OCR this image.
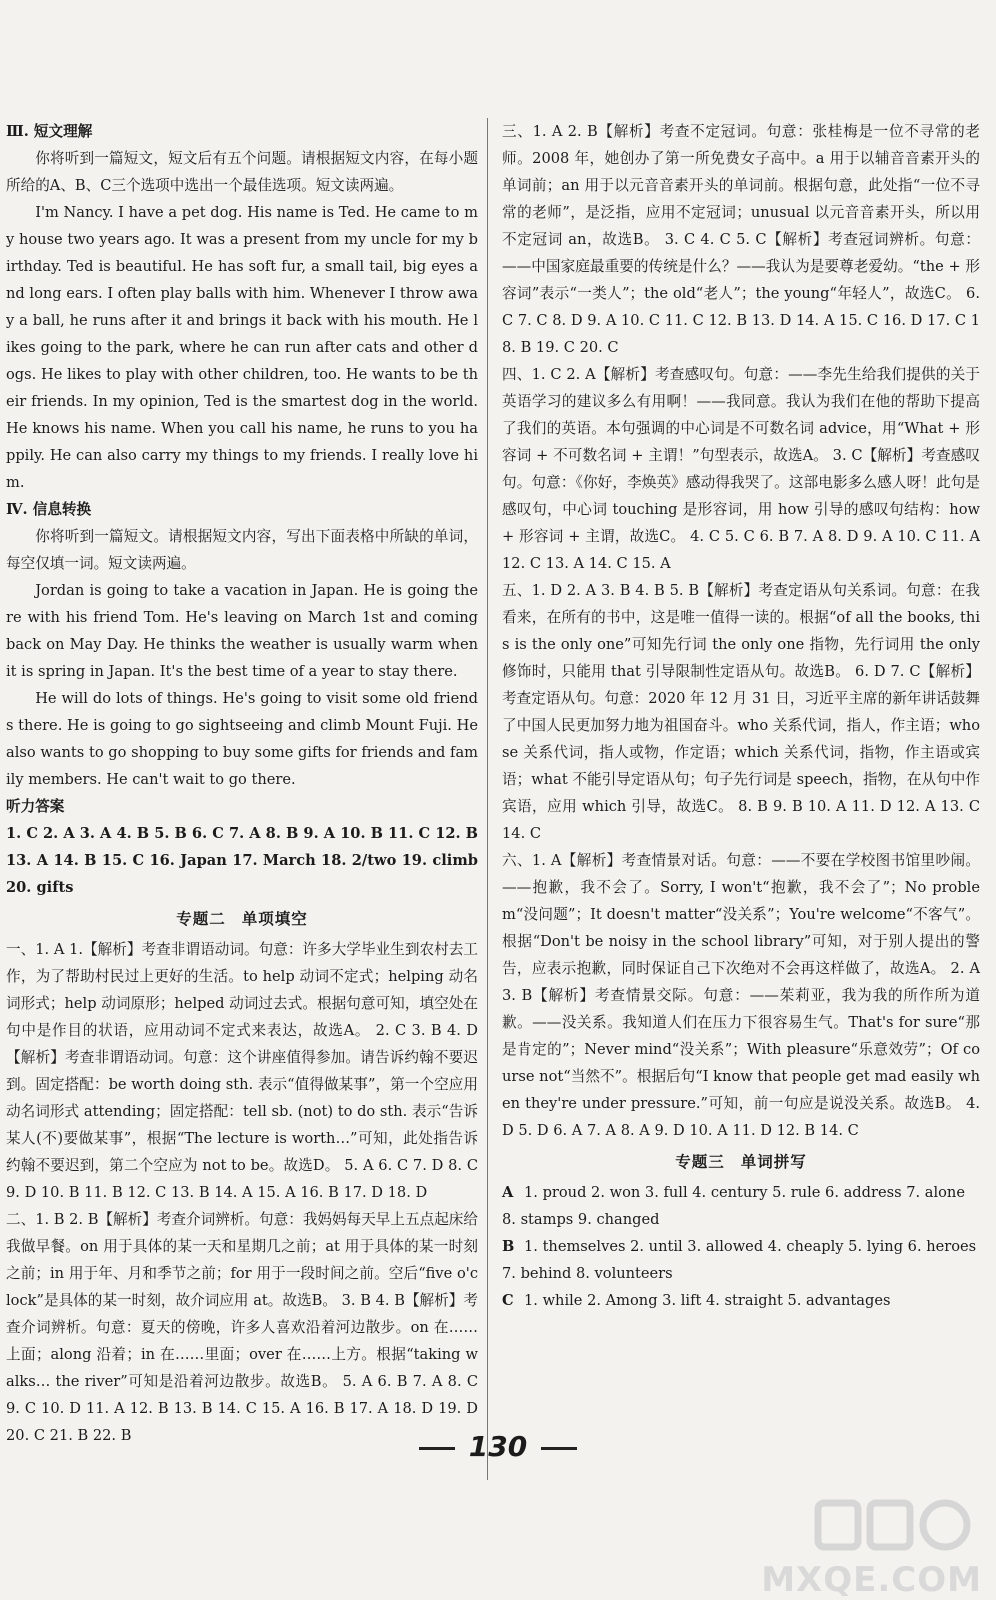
Ⅲ. 短文理解

你将听到一篇短文，短文后有五个问题。请根据短文内容，在每小题所给的A、B、C三个选项中选出一个最佳选项。短文读两遍。

I'm Nancy. I have a pet dog. His name is Ted. He came to my house two years ago. It was a present from my uncle for my birthday. Ted is beautiful. He has soft fur, a small tail, big eyes and long ears. I often play balls with him. Whenever I throw away a ball, he runs after it and brings it back with his mouth. He likes going to the park, where he can run after cats and other dogs. He likes to play with other children, too. He wants to be their friends. In my opinion, Ted is the smartest dog in the world. He knows his name. When you call his name, he runs to you happily. He can also carry my things to my friends. I really love him.

Ⅳ. 信息转换

你将听到一篇短文。请根据短文内容，写出下面表格中所缺的单词，每空仅填一词。短文读两遍。

Jordan is going to take a vacation in Japan. He is going there with his friend Tom. He's leaving on March 1st and coming back on May Day. He thinks the weather is usually warm when it is spring in Japan. It's the best time of a year to stay there.

He will do lots of things. He's going to visit some old friends there. He is going to go sightseeing and climb Mount Fuji. He also wants to go shopping to buy some gifts for friends and family members. He can't wait to go there.

听力答案

1. C 2. A 3. A 4. B 5. B 6. C 7. A 8. B 9. A 10. B 11. C 12. B 13. A 14. B 15. C 16. Japan 17. March 18. 2/two 19. climb 20. gifts

专题二 单项填空

一、1. A 1.【解析】考查非谓语动词。句意：许多大学毕业生到农村去工作，为了帮助村民过上更好的生活。to help 动词不定式；helping 动名词形式；help 动词原形；helped 动词过去式。根据句意可知，填空处在句中是作目的状语，应用动词不定式来表达，故选A。 2. C 3. B 4. D【解析】考查非谓语动词。句意：这个讲座值得参加。请告诉约翰不要迟到。固定搭配：be worth doing sth. 表示“值得做某事”，第一个空应用动名词形式 attending；固定搭配：tell sb. (not) to do sth. 表示“告诉某人(不)要做某事”，根据“The lecture is worth…”可知，此处指告诉约翰不要迟到，第二个空应为 not to be。故选D。 5. A 6. C 7. D 8. C 9. D 10. B 11. B 12. C 13. B 14. A 15. A 16. B 17. D 18. D

二、1. B 2. B【解析】考查介词辨析。句意：我妈妈每天早上五点起床给我做早餐。on 用于具体的某一天和星期几之前；at 用于具体的某一时刻之前；in 用于年、月和季节之前；for 用于一段时间之前。空后“five o'clock”是具体的某一时刻，故介词应用 at。故选B。 3. B 4. B【解析】考查介词辨析。句意：夏天的傍晚，许多人喜欢沿着河边散步。on 在……上面；along 沿着；in 在……里面；over 在……上方。根据“taking walks… the river”可知是沿着河边散步。故选B。 5. A 6. B 7. A 8. C 9. C 10. D 11. A 12. B 13. B 14. C 15. A 16. B 17. A 18. D 19. D 20. C 21. B 22. B

三、1. A 2. B【解析】考查不定冠词。句意：张桂梅是一位不寻常的老师。2008 年，她创办了第一所免费女子高中。a 用于以辅音音素开头的单词前；an 用于以元音音素开头的单词前。根据句意，此处指“一位不寻常的老师”，是泛指，应用不定冠词；unusual 以元音音素开头，所以用不定冠词 an，故选B。 3. C 4. C 5. C【解析】考查冠词辨析。句意：——中国家庭最重要的传统是什么？——我认为是要尊老爱幼。“the + 形容词”表示“一类人”；the old“老人”；the young“年轻人”，故选C。 6. C 7. C 8. D 9. A 10. C 11. C 12. B 13. D 14. A 15. C 16. D 17. C 18. B 19. C 20. C

四、1. C 2. A【解析】考查感叹句。句意：——李先生给我们提供的关于英语学习的建议多么有用啊！——我同意。我认为我们在他的帮助下提高了我们的英语。本句强调的中心词是不可数名词 advice，用“What + 形容词 + 不可数名词 + 主谓！”句型表示，故选A。 3. C【解析】考查感叹句。句意：《你好，李焕英》感动得我哭了。这部电影多么感人呀！此句是感叹句，中心词 touching 是形容词，用 how 引导的感叹句结构：how + 形容词 + 主谓，故选C。 4. C 5. C 6. B 7. A 8. D 9. A 10. C 11. A 12. C 13. A 14. C 15. A

五、1. D 2. A 3. B 4. B 5. B【解析】考查定语从句关系词。句意：在我看来，在所有的书中，这是唯一值得一读的。根据“of all the books, this is the only one”可知先行词 the only one 指物，先行词用 the only 修饰时，只能用 that 引导限制性定语从句。故选B。 6. D 7. C【解析】考查定语从句。句意：2020 年 12 月 31 日，习近平主席的新年讲话鼓舞了中国人民更加努力地为祖国奋斗。who 关系代词，指人，作主语；whose 关系代词，指人或物，作定语；which 关系代词，指物，作主语或宾语；what 不能引导定语从句；句子先行词是 speech，指物，在从句中作宾语，应用 which 引导，故选C。 8. B 9. B 10. A 11. D 12. A 13. C 14. C

六、1. A【解析】考查情景对话。句意：——不要在学校图书馆里吵闹。——抱歉，我不会了。Sorry, I won't“抱歉，我不会了”；No problem“没问题”；It doesn't matter“没关系”；You're welcome“不客气”。根据“Don't be noisy in the school library”可知，对于别人提出的警告，应表示抱歉，同时保证自己下次绝对不会再这样做了，故选A。 2. A 3. B【解析】考查情景交际。句意：——茱莉亚，我为我的所作所为道歉。——没关系。我知道人们在压力下很容易生气。That's for sure“那是肯定的”；Never mind“没关系”；With pleasure“乐意效劳”；Of course not“当然不”。根据后句“I know that people get mad easily when they're under pressure.”可知，前一句应是说没关系。故选B。 4. D 5. D 6. A 7. A 8. A 9. D 10. A 11. D 12. B 14. C

专题三 单词拼写

A 1. proud 2. won 3. full 4. century 5. rule 6. address 7. alone

8. stamps 9. changed

B 1. themselves 2. until 3. allowed 4. cheaply 5. lying 6. heroes

7. behind 8. volunteers

C 1. while 2. Among 3. lift 4. straight 5. advantages

130
MXQE.COM
